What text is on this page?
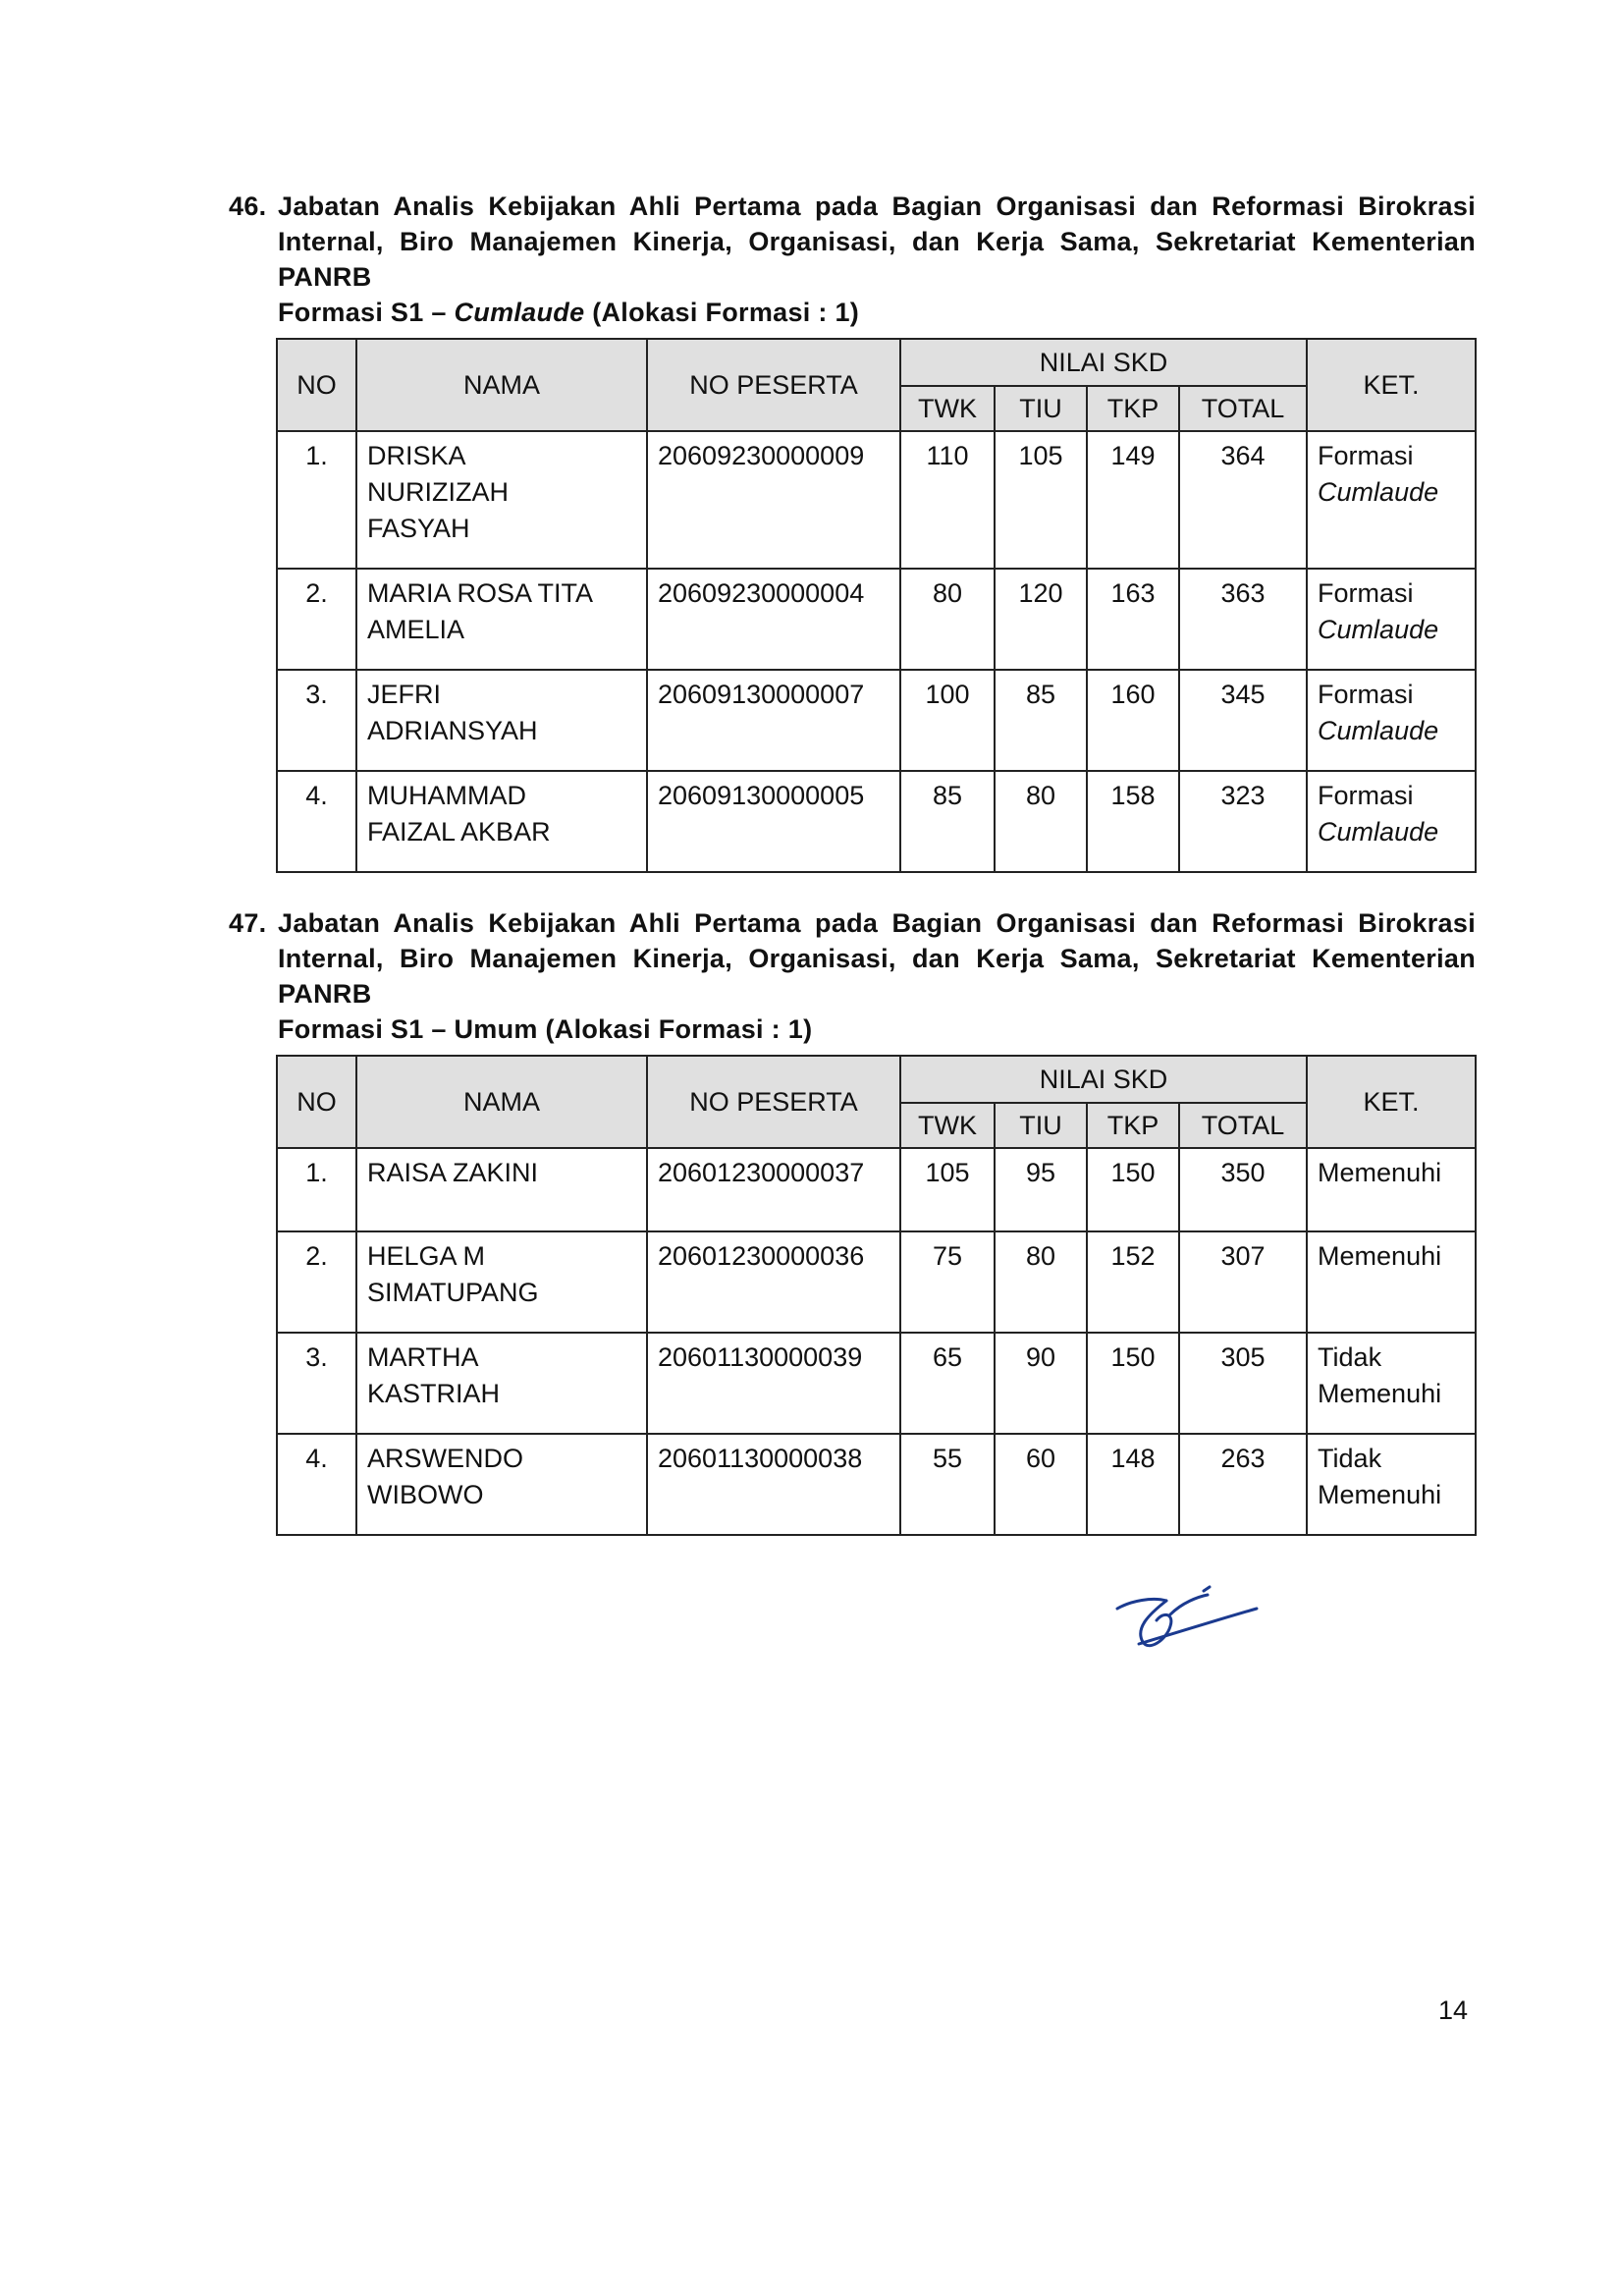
46. Jabatan Analis Kebijakan Ahli Pertama pada Bagian Organisasi dan Reformasi Birokrasi Internal, Biro Manajemen Kinerja, Organisasi, dan Kerja Sama, Sekretariat Kementerian PANRB
Formasi S1 – Cumlaude (Alokasi Formasi : 1)
NO	NAMA	NO PESERTA	NILAI SKD				KET.
			TWK	TIU	TKP	TOTAL	
1.	DRISKA NURIZIZAH FASYAH	20609230000009	110	105	149	364	Formasi
Cumlaude

2.	MARIA ROSA TITA AMELIA	20609230000004	80	120	163	363	Formasi
Cumlaude

3.	JEFRI ADRIANSYAH	20609130000007	100	85	160	345	Formasi
Cumlaude

4.	MUHAMMAD FAIZAL AKBAR	20609130000005	85	80	158	323	Formasi
Cumlaude
47. Jabatan Analis Kebijakan Ahli Pertama pada Bagian Organisasi dan Reformasi Birokrasi Internal, Biro Manajemen Kinerja, Organisasi, dan Kerja Sama, Sekretariat Kementerian PANRB
Formasi S1 – Umum (Alokasi Formasi : 1)
NO	NAMA	NO PESERTA	NILAI SKD				KET.
			TWK	TIU	TKP	TOTAL	
1.	RAISA ZAKINI	20601230000037	105	95	150	350	Memenuhi

2.	HELGA M SIMATUPANG	20601230000036	75	80	152	307	Memenuhi

3.	MARTHA KASTRIAH	20601130000039	65	90	150	305	Tidak
Memenuhi

4.	ARSWENDO WIBOWO	20601130000038	55	60	148	263	Tidak
Memenuhi
14
